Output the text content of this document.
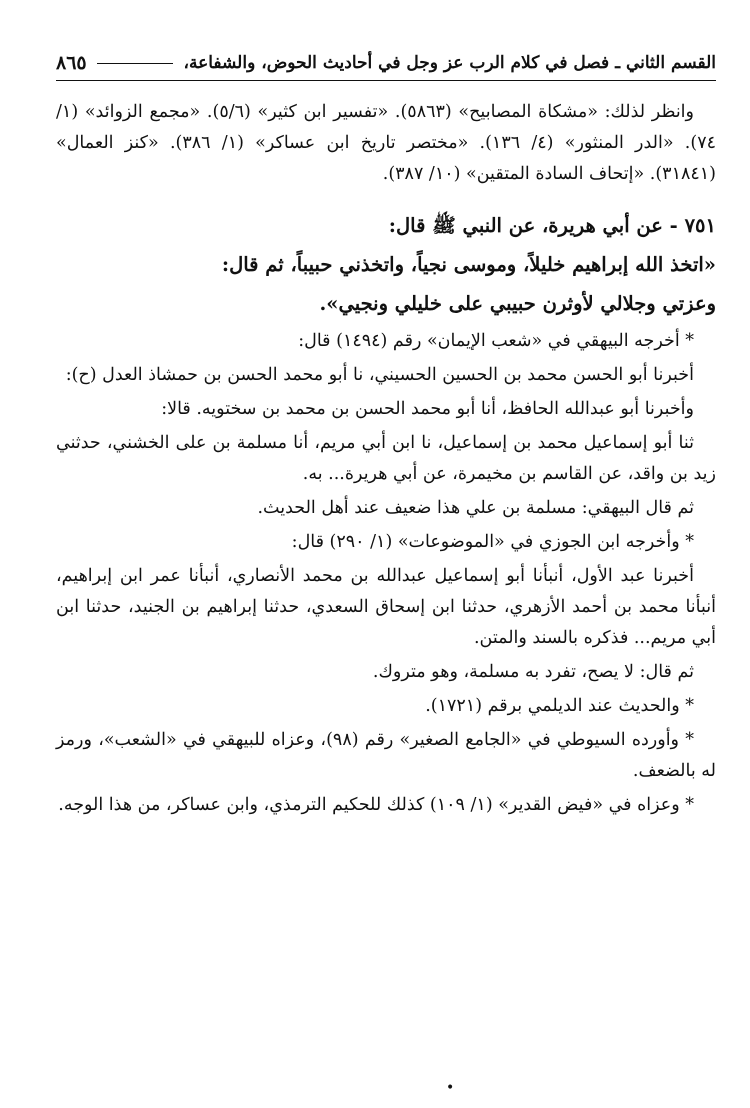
القسم الثاني ـ فصل في كلام الرب عز وجل في أحاديث الحوض، والشفاعة،
٨٦٥

وانظر لذلك: «مشكاة المصابيح» (٥٨٦٣). «تفسير ابن كثير» (٥/٦). «مجمع الزوائد» (١/ ٧٤). «الدر المنثور» (٤/ ١٣٦). «مختصر تاريخ ابن عساكر» (١/ ٣٨٦). «كنز العمال» (٣١٨٤١). «إتحاف السادة المتقين» (١٠/ ٣٨٧).

٧٥١ - عن أبي هريرة، عن النبي ﷺ قال:

«اتخذ الله إبراهيم خليلاً، وموسى نجياً، واتخذني حبيباً، ثم قال:

وعزتي وجلالي لأوثرن حبيبي على خليلي ونجيي».

* أخرجه البيهقي في «شعب الإيمان» رقم (١٤٩٤) قال:

أخبرنا أبو الحسن محمد بن الحسين الحسيني، نا أبو محمد الحسن بن حمشاذ العدل (ح):

وأخبرنا أبو عبدالله الحافظ، أنا أبو محمد الحسن بن محمد بن سختويه. قالا:

ثنا أبو إسماعيل محمد بن إسماعيل، نا ابن أبي مريم، أنا مسلمة بن على الخشني، حدثني زيد بن واقد، عن القاسم بن مخيمرة، عن أبي هريرة... به.

ثم قال البيهقي: مسلمة بن علي هذا ضعيف عند أهل الحديث.

* وأخرجه ابن الجوزي في «الموضوعات» (١/ ٢٩٠) قال:

أخبرنا عبد الأول، أنبأنا أبو إسماعيل عبدالله بن محمد الأنصاري، أنبأنا عمر ابن إبراهيم، أنبأنا محمد بن أحمد الأزهري، حدثنا ابن إسحاق السعدي، حدثنا إبراهيم بن الجنيد، حدثنا ابن أبي مريم... فذكره بالسند والمتن.

ثم قال: لا يصح، تفرد به مسلمة، وهو متروك.

* والحديث عند الديلمي برقم (١٧٢١).

* وأورده السيوطي في «الجامع الصغير» رقم (٩٨)، وعزاه للبيهقي في «الشعب»، ورمز له بالضعف.

* وعزاه في «فيض القدير» (١/ ١٠٩) كذلك للحكيم الترمذي، وابن عساكر، من هذا الوجه.

•
